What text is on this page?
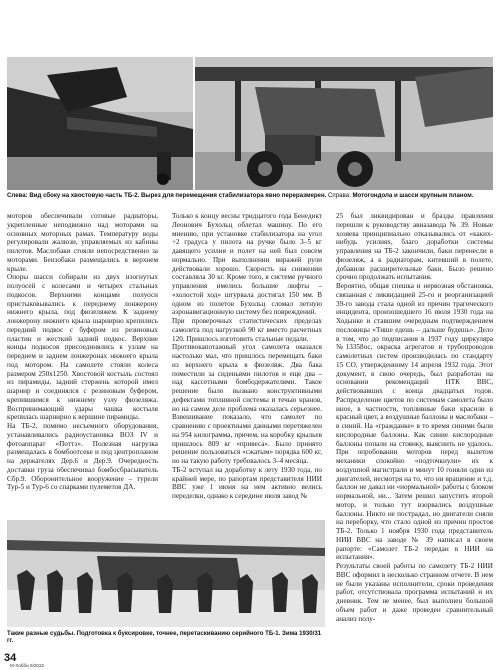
Слева: Вид сбоку на хвостовую часть ТБ-2. Вырез для перемещения стабилизатора явно переразмерен. Справа: Мотогондола и шасси крупным планом.
моторов обеспечивали сотовые радиаторы, укрепленные неподвижно над моторами на основных моторных рамах. Температуру воды регулировали жалюзи, управляемых из кабины пилотов. Маслобаки стояли непосредственно за моторами. Бензобаки размещались в верхнем крыле.
Опоры шасси собирали из двух изогнутых полуосей с колесами и четырех стальных подкосов. Верхними концами полуоси пристыковывались к переднему лонжерону нижнего крыла, под фюзеляжем. К заднему лонжерону нижнего крыла шарнирно крепились передний подкос с буфером из резиновых пластин и жесткий задний подкос. Верхние концы подкосов присоединялись к узлам на переднем и заднем лонжеронах нижнего крыла под мотором. На самолете стояли колеса размером 250х1250. Хвостовой костыль состоял из пирамиды, задний стержень которой имел шарнир и соединялся с резиновым буфером, крепившимся к нижнему узлу фюзеляжа. Воспринимающий удары чашка костыля крепилась шарнирно к вершине пирамиды.
На ТБ-2, помимо несъемного оборудования, устанавливались радиоустановка ВОЗ IV и фотоаппарат «Поттэ». Полезная нагрузка размещалась в бомбоотсеке и под центропланом на держателях Дер.6 и Дер.9. Очередность доставки груза обеспечивал бомбосбрасыватель Сбр.9. Оборонительное вооружение – турели Тур-5 и Тур-6 со спарками пулеметов ДА.
Только к концу весны тридцатого года Бенедикт Леонович Бухольц облетал машину. По его мнению, при установке стабилизатора на угол +2 градуса у пилота на ручке было 3–5 кг давящего усилия и полет на ней был совсем нормально. При выполнении виражей рули действовали хорошо. Скорость на снижении составляла 30 кг. Кроме того, в системе ручного управления имелись большие люфты – «холостой ход» штурвала достигал 150 мм. В одном из полетов Бухольц сломал летную аэронавигационную систему без повреждений.
При проверочных статистических пределах самолета под нагрузкой 90 кг вместо расчетных 120. Пришлось изготовить стальные педали.
Противокапотажный угол самолета оказался настолько мал, что пришлось перемещать баки из верхнего крыла в фюзеляж. Два бака поместили за сиденьями пилотов и еще два – над кассетными бомбодержателями. Такое решение было вызвано конструктивными дефектами топливной системы и течью кранов, но на самом деле проблема оказалась серьезнее. Взвешивание показало, что самолет по сравнению с проектными данными перетяжелен на 954 килограмма, причем, на коробку крыльев пришлось 809 кг «привеса». Было принято решение пользоваться «сжатым» порядка 600 кг, но на такую работу требовалось 3–4 месяца.
ТБ-2 вступал на доработку к лету 1930 года, по крайней мере, по рапортам представителя НИИ ВВС уже 1 июня на нем активно велись переделки, однако к середине июля завод №
25 был ликвидирован и бразды правления перешли к руководству авиазавода № 39. Новые хозяева принципиально отказывались от «каких-нибудь усилиях, благо доработки системы управления на ТБ-2 закончили, баки перенесли в фюзеляж, а к радиаторам, китевший в полете, добавили расширительные баки. Было решено срочно продолжать испытания.
Вероятно, общая спешка и нервозная обстановка, связанная с ликвидацией 25-го и реорганизацией 39-го завода стала одной из причин трагического инцидента, произошедшего 16 июля 1930 года на Ходынке и ставшим очередным подтверждением пословицы «Тише едешь – дальше будешь». Дело в том, что до подписания в 1937 году циркуляра №13358ос, окраска агрегатов и трубопроводов самолетных систем производилась по стандарту 15 СО, утвержденному 14 апреля 1932 года. Этот документ, в свою очередь, был разработан на основании рекомендаций НТК ВВС, действовавших с конца двадцатых годов. Распределение цветов по системам самолета было иное, в частности, топливные баки красили в красный цвет, а воздушные баллоны и маслобаки – в синий. На «гражданке» в то время синими были кислородные баллоны. Как синие кислородные баллоны попали на стоянку, выяснить не удалось. При опробовании моторов перед вылетом механики спокойно «подточкнули» их к воздушной магистрали и минут 10 гоняли один из двигателей, несмотря на то, что ни вращение и т.д. баллон не давал ни «нормальной» работы с блоком нормальной, ни... Затем решил запустить второй мотор, и только тут взорвались воздушные баллоны. Никто не пострадал, но двигатели сняли на переборку, что стало одной из причин простоя ТБ-2. Только 1 ноября 1930 года представитель НИИ ВВС на заводе № 39 написал в своем рапорте: «Самолет ТБ-2 передан в НИИ на испытания».
Результаты своей работы по самолету ТБ-2 НИИ ВВС оформил в несколько странном отчете. В нем не были указаны исполнители, сроки проведения работ, отсутствовала программа испытаний и их дневник. Тем не менее, был выполнен большой объем работ и даже проведен сравнительный анализ полу-
Такие разные судьбы. Подготовка к буксировке, точнее, перетаскиванию серийного ТБ-1. Зима 1930/31 гг.
34
М-Хобби 9/2022
